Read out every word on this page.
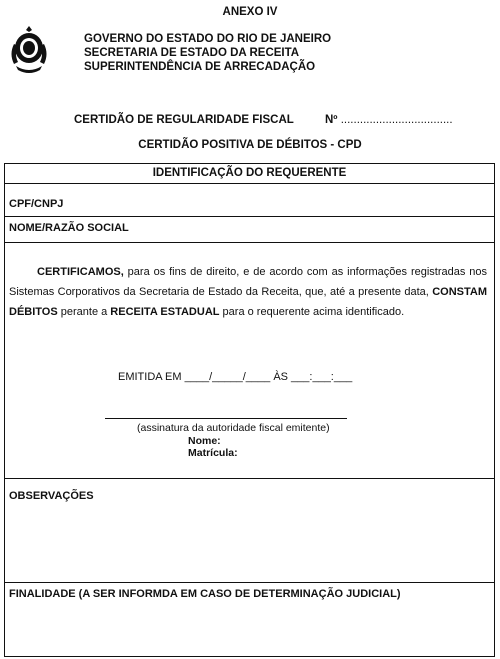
ANEXO IV
GOVERNO DO ESTADO DO RIO DE JANEIRO
SECRETARIA DE ESTADO DA RECEITA
SUPERINTENDÊNCIA DE ARRECADAÇÃO
CERTIDÃO DE REGULARIDADE FISCAL	Nº ...................................
CERTIDÃO POSITIVA DE DÉBITOS - CPD
IDENTIFICAÇÃO DO REQUERENTE
CPF/CNPJ
NOME/RAZÃO SOCIAL
CERTIFICAMOS, para os fins de direito, e de acordo com as informações registradas nos Sistemas Corporativos da Secretaria de Estado da Receita, que, até a presente data, CONSTAM DÉBITOS perante a RECEITA ESTADUAL para o requerente acima identificado.
EMITIDA EM ____/_____/____ ÀS ___:___:___
(assinatura da autoridade fiscal emitente)
Nome:
Matrícula:
OBSERVAÇÕES
FINALIDADE (A SER INFORMDA EM CASO DE DETERMINAÇÃO JUDICIAL)
